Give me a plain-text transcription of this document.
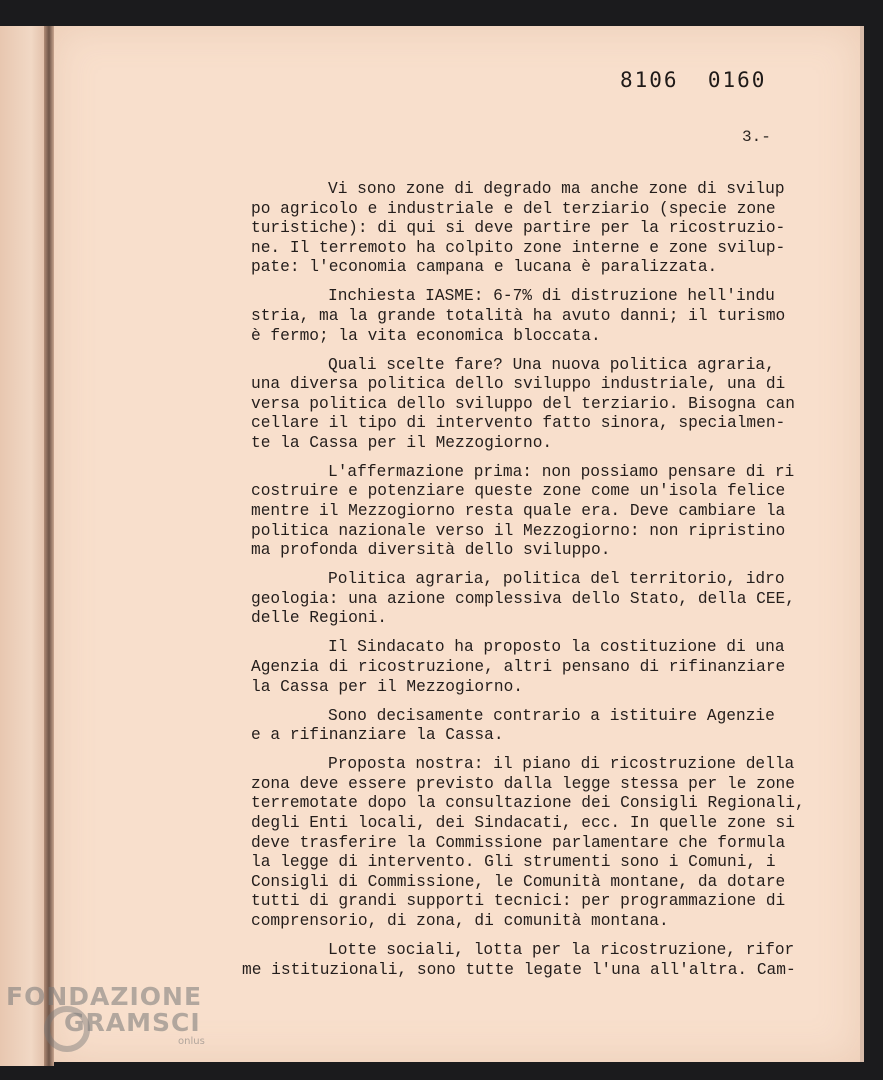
8106  0160
3.-
Vi sono zone di degrado ma anche zone di svilup
po agricolo e industriale e del terziario (specie zone
turistiche): di qui si deve partire per la ricostruzio-
ne. Il terremoto ha colpito zone interne e zone svilup-
pate: l'economia campana e lucana è paralizzata.
Inchiesta IASME: 6-7% di distruzione hell'indu
stria, ma la grande totalità ha avuto danni; il turismo
è fermo; la vita economica bloccata.
Quali scelte fare? Una nuova politica agraria,
una diversa politica dello sviluppo industriale, una di
versa politica dello sviluppo del terziario. Bisogna can
cellare il tipo di intervento fatto sinora, specialmen-
te la Cassa per il Mezzogiorno.
L'affermazione prima: non possiamo pensare di ri
costruire e potenziare queste zone come un'isola felice
mentre il Mezzogiorno resta quale era. Deve cambiare la
politica nazionale verso il Mezzogiorno: non ripristino
ma profonda diversità dello sviluppo.
Politica agraria, politica del territorio, idro
geologia: una azione complessiva dello Stato, della CEE,
delle Regioni.
Il Sindacato ha proposto la costituzione di una
Agenzia di ricostruzione, altri pensano di rifinanziare
la Cassa per il Mezzogiorno.
Sono decisamente contrario a istituire Agenzie
e a rifinanziare la Cassa.
Proposta nostra: il piano di ricostruzione della
zona deve essere previsto dalla legge stessa per le zone
terremotate dopo la consultazione dei Consigli Regionali,
degli Enti locali, dei Sindacati, ecc. In quelle zone si
deve trasferire la Commissione parlamentare che formula
la legge di intervento. Gli strumenti sono i Comuni, i
Consigli di Commissione, le Comunità montane, da dotare
tutti di grandi supporti tecnici: per programmazione di
comprensorio, di zona, di comunità montana.
Lotte sociali, lotta per la ricostruzione, rifor
me istituzionali, sono tutte legate l'una all'altra. Cam-
FONDAZIONE
GRAMSCI
onlus
